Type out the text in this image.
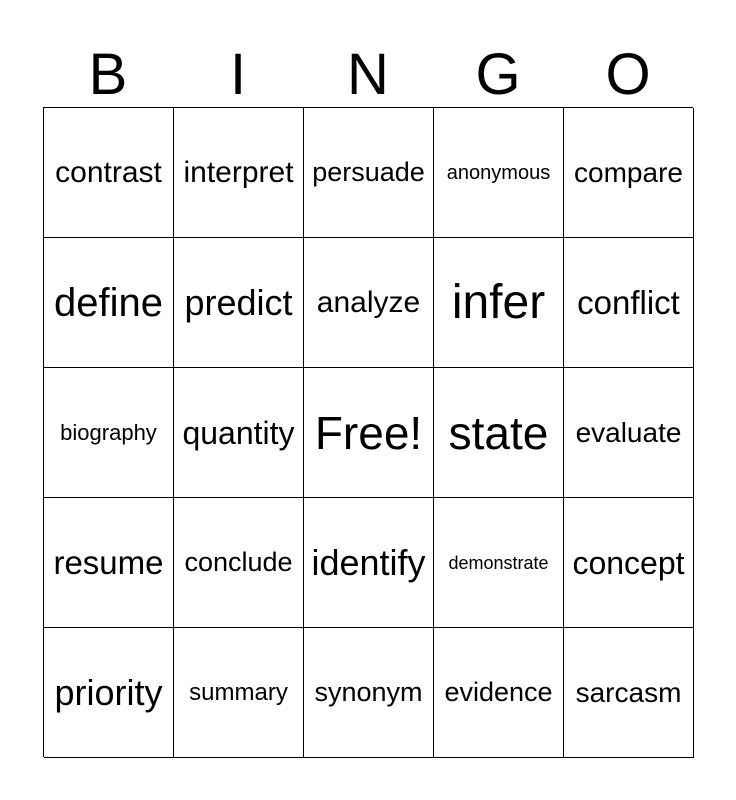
B	I	N	G	O
contrast interpret persuade	anonymous compare
define predict analyze infer conflict
biography quantity Free! state evaluate
resume conclude identify	demonstrate concept
priority	summary synonym evidence sarcasm
